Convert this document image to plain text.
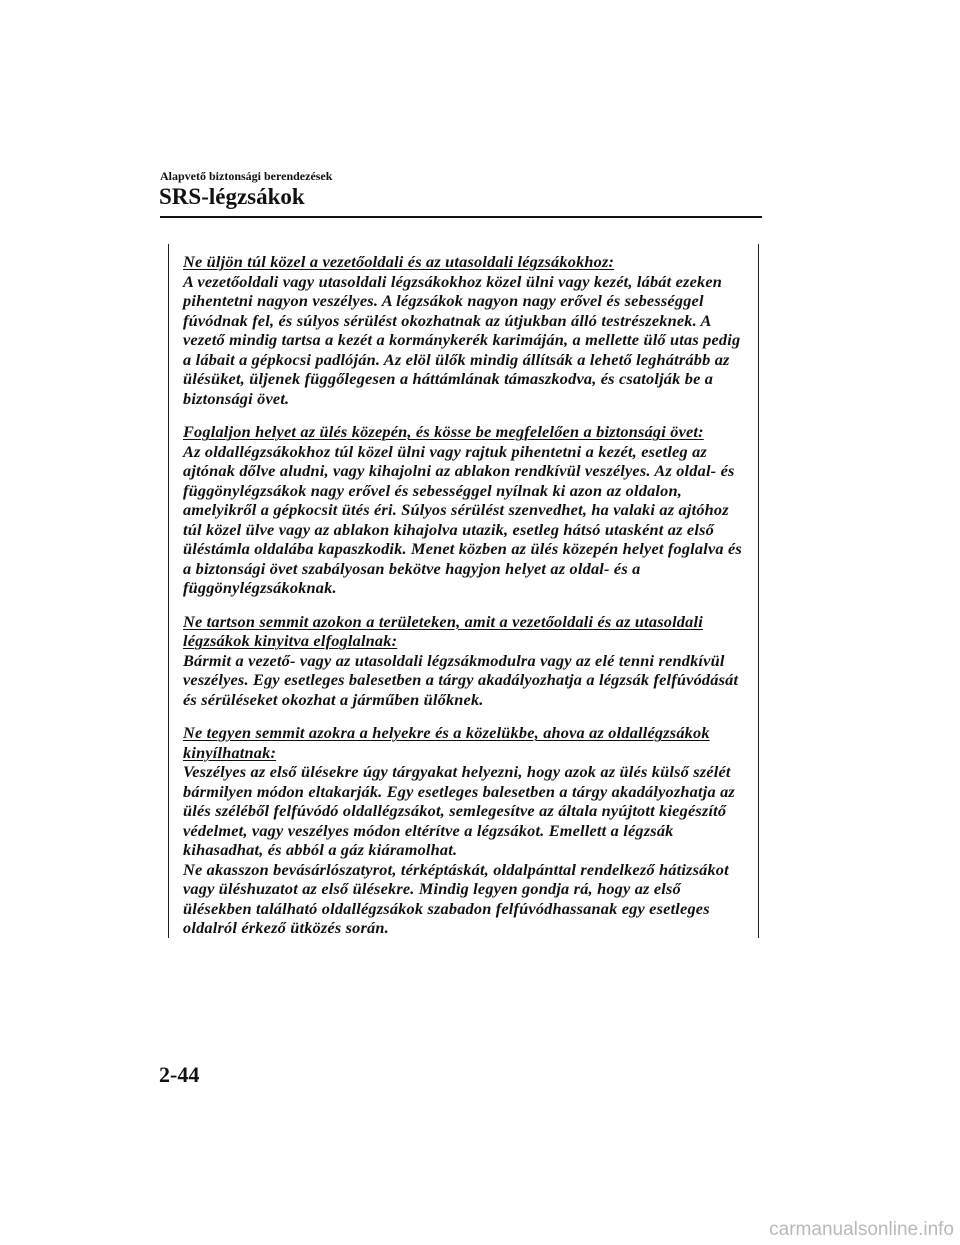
Alapvető biztonsági berendezések
SRS-légzsákok
Ne üljön túl közel a vezetőoldali és az utasoldali légzsákokhoz:
A vezetőoldali vagy utasoldali légzsákokhoz közel ülni vagy kezét, lábát ezeken
pihentetni nagyon veszélyes. A légzsákok nagyon nagy erővel és sebességgel
fúvódnak fel, és súlyos sérülést okozhatnak az útjukban álló testrészeknek. A
vezető mindig tartsa a kezét a kormánykerék karimáján, a mellette ülő utas pedig
a lábait a gépkocsi padlóján. Az elöl ülők mindig állítsák a lehető leghátrább az
ülésüket, üljenek függőlegesen a háttámlának támaszkodva, és csatolják be a
biztonsági övet.
Foglaljon helyet az ülés közepén, és kösse be megfelelően a biztonsági övet:
Az oldallégzsákokhoz túl közel ülni vagy rajtuk pihentetni a kezét, esetleg az
ajtónak dőlve aludni, vagy kihajolni az ablakon rendkívül veszélyes. Az oldal- és
függönylégzsákok nagy erővel és sebességgel nyílnak ki azon az oldalon,
amelyikről a gépkocsit ütés éri. Súlyos sérülést szenvedhet, ha valaki az ajtóhoz
túl közel ülve vagy az ablakon kihajolva utazik, esetleg hátsó utasként az első
üléstámla oldalába kapaszkodik. Menet közben az ülés közepén helyet foglalva és
a biztonsági övet szabályosan bekötve hagyjon helyet az oldal- és a
függönylégzsákoknak.
Ne tartson semmit azokon a területeken, amit a vezetőoldali és az utasoldali
légzsákok kinyitva elfoglalnak:
Bármit a vezető- vagy az utasoldali légzsákmodulra vagy az elé tenni rendkívül
veszélyes. Egy esetleges balesetben a tárgy akadályozhatja a légzsák felfúvódását
és sérüléseket okozhat a járműben ülőknek.
Ne tegyen semmit azokra a helyekre és a közelükbe, ahova az oldallégzsákok
kinyílhatnak:
Veszélyes az első ülésekre úgy tárgyakat helyezni, hogy azok az ülés külső szélét
bármilyen módon eltakarják. Egy esetleges balesetben a tárgy akadályozhatja az
ülés széléből felfúvódó oldallégzsákot, semlegesítve az általa nyújtott kiegészítő
védelmet, vagy veszélyes módon eltérítve a légzsákot. Emellett a légzsák
kihasadhat, és abból a gáz kiáramolhat.
Ne akasszon bevásárlószatyrot, térképtáskát, oldalpánttal rendelkező hátizsákot
vagy üléshuzatot az első ülésekre. Mindig legyen gondja rá, hogy az első
ülésekben található oldallégzsákok szabadon felfúvódhassanak egy esetleges
oldalról érkező ütközés során.
2-44
carmanualsonline.info
